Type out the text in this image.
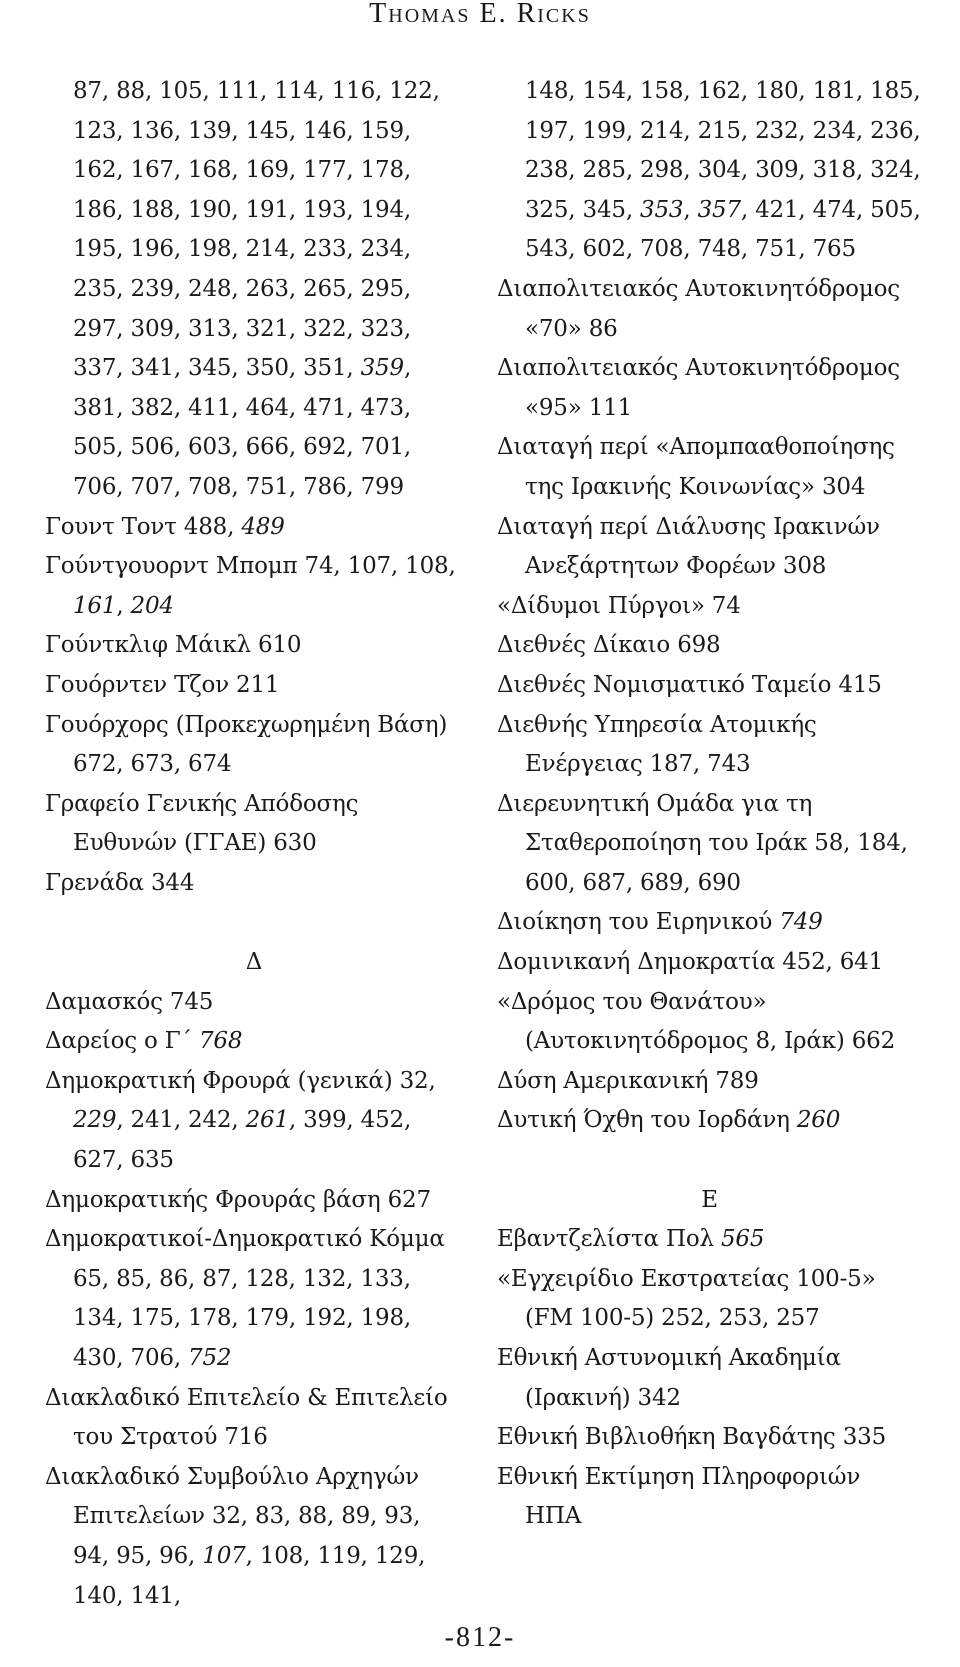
Thomas E. Ricks
87, 88, 105, 111, 114, 116, 122, 123, 136, 139, 145, 146, 159, 162, 167, 168, 169, 177, 178, 186, 188, 190, 191, 193, 194, 195, 196, 198, 214, 233, 234, 235, 239, 248, 263, 265, 295, 297, 309, 313, 321, 322, 323, 337, 341, 345, 350, 351, 359, 381, 382, 411, 464, 471, 473, 505, 506, 603, 666, 692, 701, 706, 707, 708, 751, 786, 799
Γουντ Τοντ 488, 489
Γούντγουορντ Μπομπ 74, 107, 108, 161, 204
Γούντκλιφ Μάικλ 610
Γουόρντεν Τζον 211
Γουόρχορς (Προκεχωρημένη Βάση) 672, 673, 674
Γραφείο Γενικής Απόδοσης Ευθυνών (ΓΓΑΕ) 630
Γρενάδα 344
Δ
Δαμασκός 745
Δαρείος ο Γ΄ 768
Δημοκρατική Φρουρά (γενικά) 32, 229, 241, 242, 261, 399, 452, 627, 635
Δημοκρατικής Φρουράς βάση 627
Δημοκρατικοί-Δημοκρατικό Κόμμα 65, 85, 86, 87, 128, 132, 133, 134, 175, 178, 179, 192, 198, 430, 706, 752
Διακλαδικό Επιτελείο & Επιτελείο του Στρατού 716
Διακλαδικό Συμβούλιο Αρχηγών Επιτελείων 32, 83, 88, 89, 93, 94, 95, 96, 107, 108, 119, 129, 140, 141,
148, 154, 158, 162, 180, 181, 185, 197, 199, 214, 215, 232, 234, 236, 238, 285, 298, 304, 309, 318, 324, 325, 345, 353, 357, 421, 474, 505, 543, 602, 708, 748, 751, 765
Διαπολιτειακός Αυτοκινητόδρομος «70» 86
Διαπολιτειακός Αυτοκινητόδρομος «95» 111
Διαταγή περί «Απομπααθοποίησης της Ιρακινής Κοινωνίας» 304
Διαταγή περί Διάλυσης Ιρακινών Ανεξάρτητων Φορέων 308
«Δίδυμοι Πύργοι» 74
Διεθνές Δίκαιο 698
Διεθνές Νομισματικό Ταμείο 415
Διεθνής Υπηρεσία Ατομικής Ενέργειας 187, 743
Διερευνητική Ομάδα για τη Σταθεροποίηση του Ιράκ 58, 184, 600, 687, 689, 690
Διοίκηση του Ειρηνικού 749
Δομινικανή Δημοκρατία 452, 641
«Δρόμος του Θανάτου» (Αυτοκινητόδρομος 8, Ιράκ) 662
Δύση Αμερικανική 789
Δυτική Όχθη του Ιορδάνη 260
Ε
Εβαντζελίστα Πολ 565
«Εγχειρίδιο Εκστρατείας 100-5» (FM 100-5) 252, 253, 257
Εθνική Αστυνομική Ακαδημία (Ιρακινή) 342
Εθνική Βιβλιοθήκη Βαγδάτης 335
Εθνική Εκτίμηση Πληροφοριών ΗΠΑ
-812-
